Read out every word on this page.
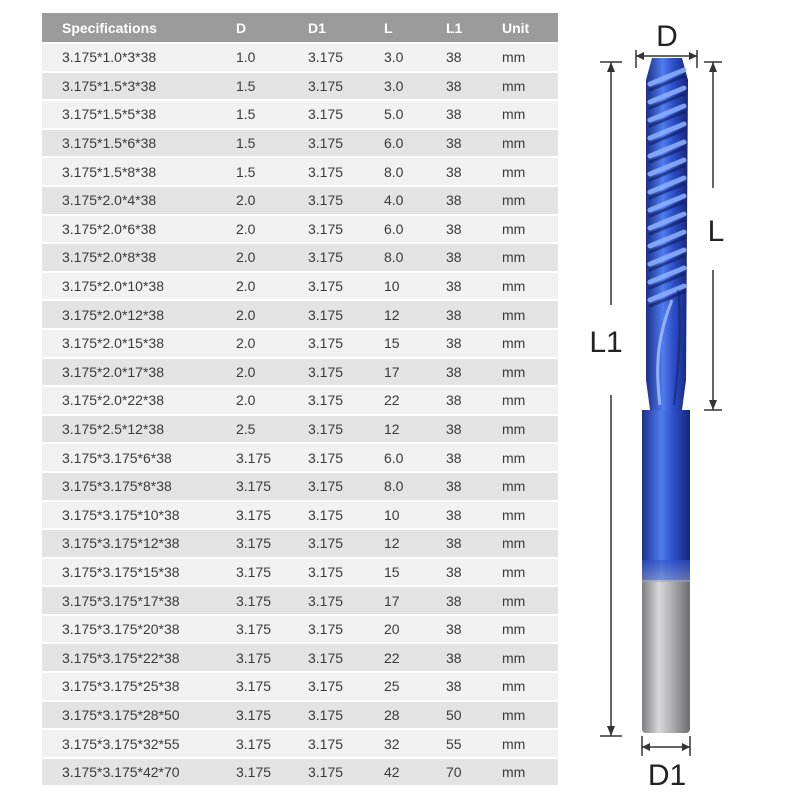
Specifications	D	D1	L	L1	Unit
3.175*1.0*3*38	1.0	3.175	3.0	38	mm
3.175*1.5*3*38	1.5	3.175	3.0	38	mm
3.175*1.5*5*38	1.5	3.175	5.0	38	mm
3.175*1.5*6*38	1.5	3.175	6.0	38	mm
3.175*1.5*8*38	1.5	3.175	8.0	38	mm
3.175*2.0*4*38	2.0	3.175	4.0	38	mm
3.175*2.0*6*38	2.0	3.175	6.0	38	mm
3.175*2.0*8*38	2.0	3.175	8.0	38	mm
3.175*2.0*10*38	2.0	3.175	10	38	mm
3.175*2.0*12*38	2.0	3.175	12	38	mm
3.175*2.0*15*38	2.0	3.175	15	38	mm
3.175*2.0*17*38	2.0	3.175	17	38	mm
3.175*2.0*22*38	2.0	3.175	22	38	mm
3.175*2.5*12*38	2.5	3.175	12	38	mm
3.175*3.175*6*38	3.175	3.175	6.0	38	mm
3.175*3.175*8*38	3.175	3.175	8.0	38	mm
3.175*3.175*10*38	3.175	3.175	10	38	mm
3.175*3.175*12*38	3.175	3.175	12	38	mm
3.175*3.175*15*38	3.175	3.175	15	38	mm
3.175*3.175*17*38	3.175	3.175	17	38	mm
3.175*3.175*20*38	3.175	3.175	20	38	mm
3.175*3.175*22*38	3.175	3.175	22	38	mm
3.175*3.175*25*38	3.175	3.175	25	38	mm
3.175*3.175*28*50	3.175	3.175	28	50	mm
3.175*3.175*32*55	3.175	3.175	32	55	mm
3.175*3.175*42*70	3.175	3.175	42	70	mm
D
L1
L
D1
